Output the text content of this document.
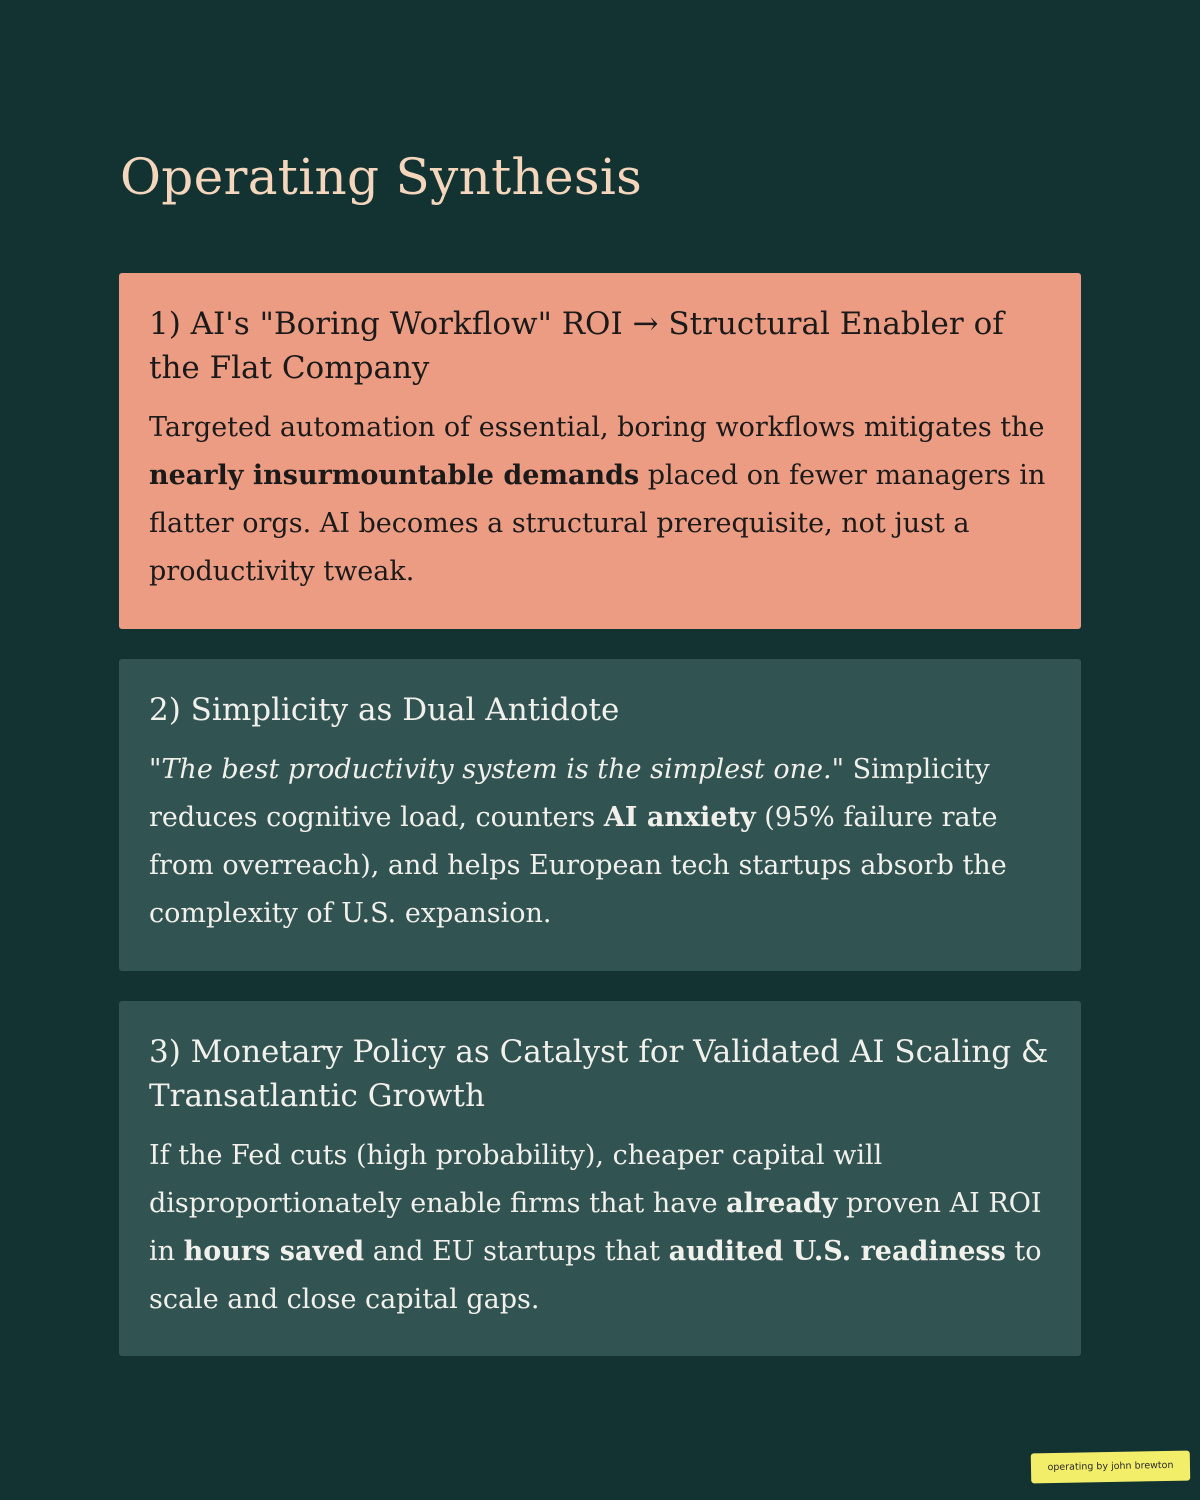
Operating Synthesis
1) AI's "Boring Workflow" ROI → Structural Enabler of the Flat Company

Targeted automation of essential, boring workflows mitigates the nearly insurmountable demands placed on fewer managers in flatter orgs. AI becomes a structural prerequisite, not just a productivity tweak.

2) Simplicity as Dual Antidote

"The best productivity system is the simplest one." Simplicity reduces cognitive load, counters AI anxiety (95% failure rate from overreach), and helps European tech startups absorb the complexity of U.S. expansion.

3) Monetary Policy as Catalyst for Validated AI Scaling & Transatlantic Growth

If the Fed cuts (high probability), cheaper capital will disproportionately enable firms that have already proven AI ROI in hours saved and EU startups that audited U.S. readiness to scale and close capital gaps.

operating by john brewton
